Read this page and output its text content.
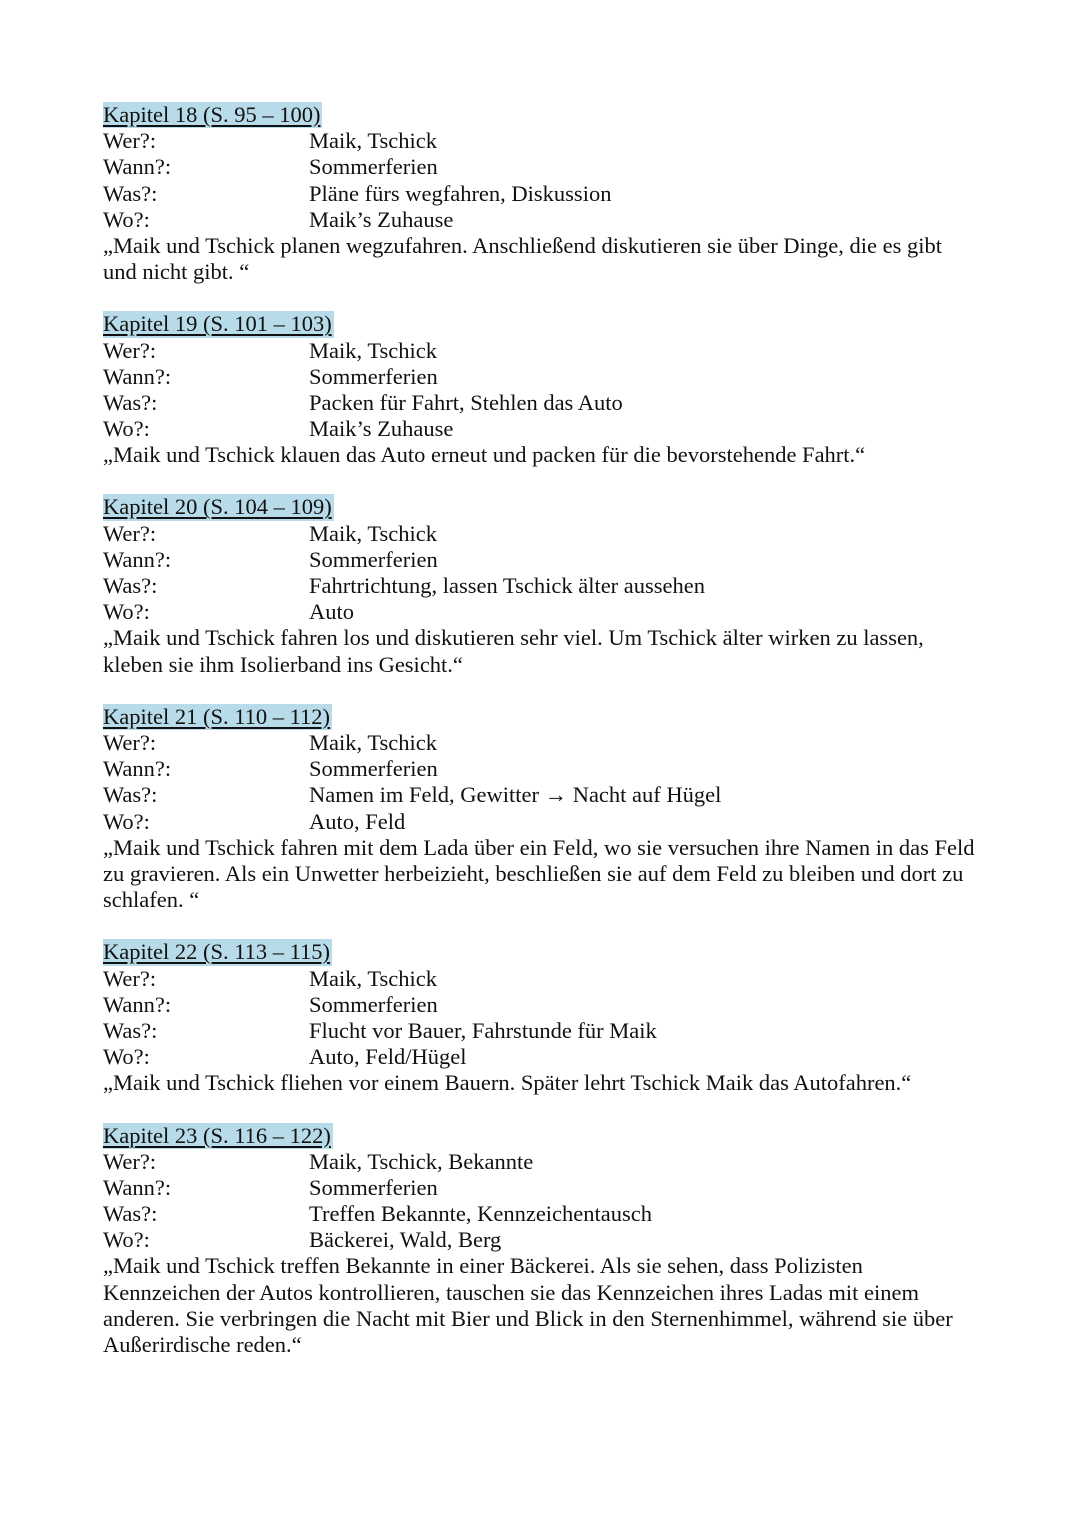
Kapitel 18 (S. 95 – 100)
Wer?:	Maik, Tschick
Wann?:	Sommerferien
Was?:	Pläne fürs wegfahren, Diskussion
Wo?:	Maik’s Zuhause

„Maik und Tschick planen wegzufahren. Anschließend diskutieren sie über Dinge, die es gibt und nicht gibt. “

Kapitel 19 (S. 101 – 103)
Wer?:	Maik, Tschick
Wann?:	Sommerferien
Was?:	Packen für Fahrt, Stehlen das Auto
Wo?:	Maik’s Zuhause

„Maik und Tschick klauen das Auto erneut und packen für die bevorstehende Fahrt.“

Kapitel 20 (S. 104 – 109)
Wer?:	Maik, Tschick
Wann?:	Sommerferien
Was?:	Fahrtrichtung, lassen Tschick älter aussehen
Wo?:	Auto

„Maik und Tschick fahren los und diskutieren sehr viel. Um Tschick älter wirken zu lassen, kleben sie ihm Isolierband ins Gesicht.“

Kapitel 21 (S. 110 – 112)
Wer?:	Maik, Tschick
Wann?:	Sommerferien
Was?:	Namen im Feld, Gewitter → Nacht auf Hügel
Wo?:	Auto, Feld

„Maik und Tschick fahren mit dem Lada über ein Feld, wo sie versuchen ihre Namen in das Feld zu gravieren. Als ein Unwetter herbeizieht, beschließen sie auf dem Feld zu bleiben und dort zu schlafen. “

Kapitel 22 (S. 113 – 115)
Wer?:	Maik, Tschick
Wann?:	Sommerferien
Was?:	Flucht vor Bauer, Fahrstunde für Maik
Wo?:	Auto, Feld/Hügel

„Maik und Tschick fliehen vor einem Bauern. Später lehrt Tschick Maik das Autofahren.“

Kapitel 23 (S. 116 – 122)
Wer?:	Maik, Tschick, Bekannte
Wann?:	Sommerferien
Was?:	Treffen Bekannte, Kennzeichentausch
Wo?:	Bäckerei, Wald, Berg

„Maik und Tschick treffen Bekannte in einer Bäckerei. Als sie sehen, dass Polizisten Kennzeichen der Autos kontrollieren, tauschen sie das Kennzeichen ihres Ladas mit einem anderen. Sie verbringen die Nacht mit Bier und Blick in den Sternenhimmel, während sie über Außerirdische reden.“
